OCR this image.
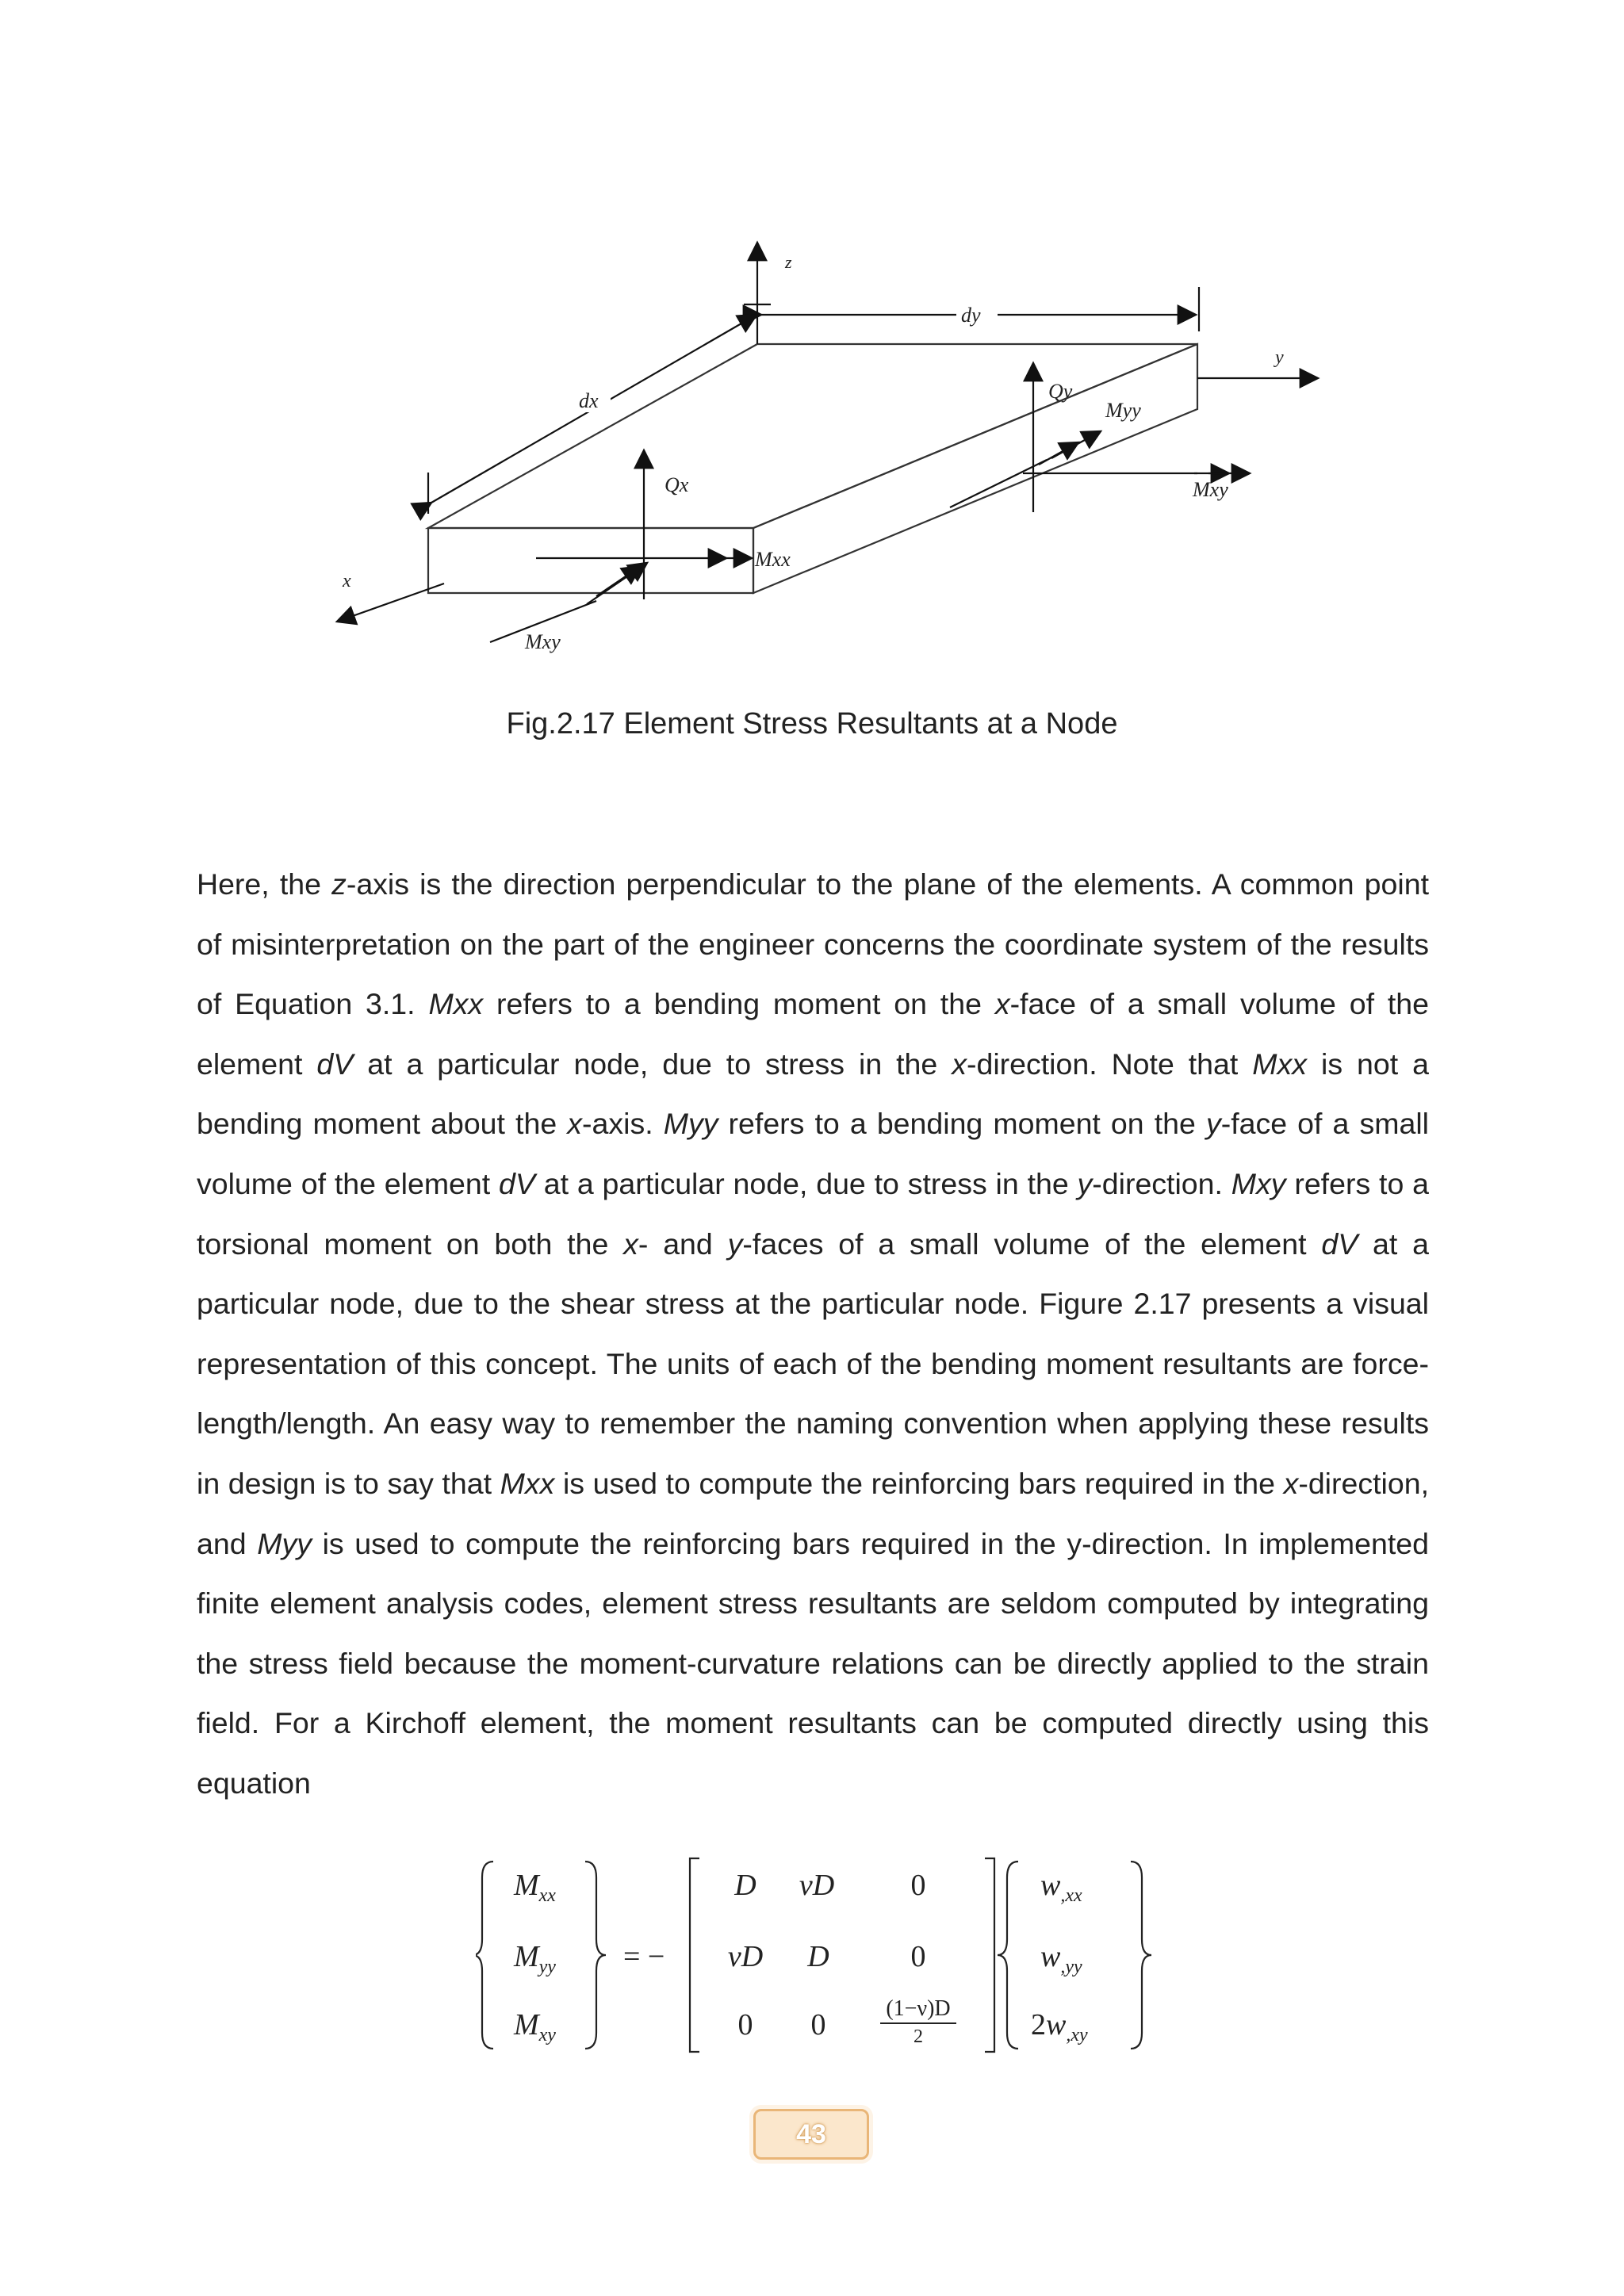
z
dy
dx
y
x
Qx
Mxx
Mxy
Qy
Myy
Mxy
Fig.2.17 Element Stress Resultants at a Node

Here, the z-axis is the direction perpendicular to the plane of the elements. A common point of misinterpretation on the part of the engineer concerns the coordinate system of the results of Equation 3.1. Mxx refers to a bending moment on the x-face of a small volume of the element dV at a particular node, due to stress in the x-direction. Note that Mxx is not a bending moment about the x-axis. Myy refers to a bending moment on the y-face of a small volume of the element dV at a particular node, due to stress in the y-direction. Mxy refers to a torsional moment on both the x- and y-faces of a small volume of the element dV at a particular node, due to the shear stress at the particular node. Figure 2.17 presents a visual representation of this concept. The units of each of the bending moment resultants are force-length/length. An easy way to remember the naming convention when applying these results in design is to say that Mxx is used to compute the reinforcing bars required in the x-direction, and Myy is used to compute the reinforcing bars required in the y-direction. In implemented finite element analysis codes, element stress resultants are seldom computed by integrating the stress field because the moment-curvature relations can be directly applied to the strain field. For a Kirchoff element, the moment resultants can be computed directly using this equation

$M_{xx}$
$M_{yy}$
$M_{xy}$
= −
D νD	0
νD D	0
0 0	(1−ν)D
2
$w_{,xx}$
$w_{,yy}$
$2w_{,xy}$
43
